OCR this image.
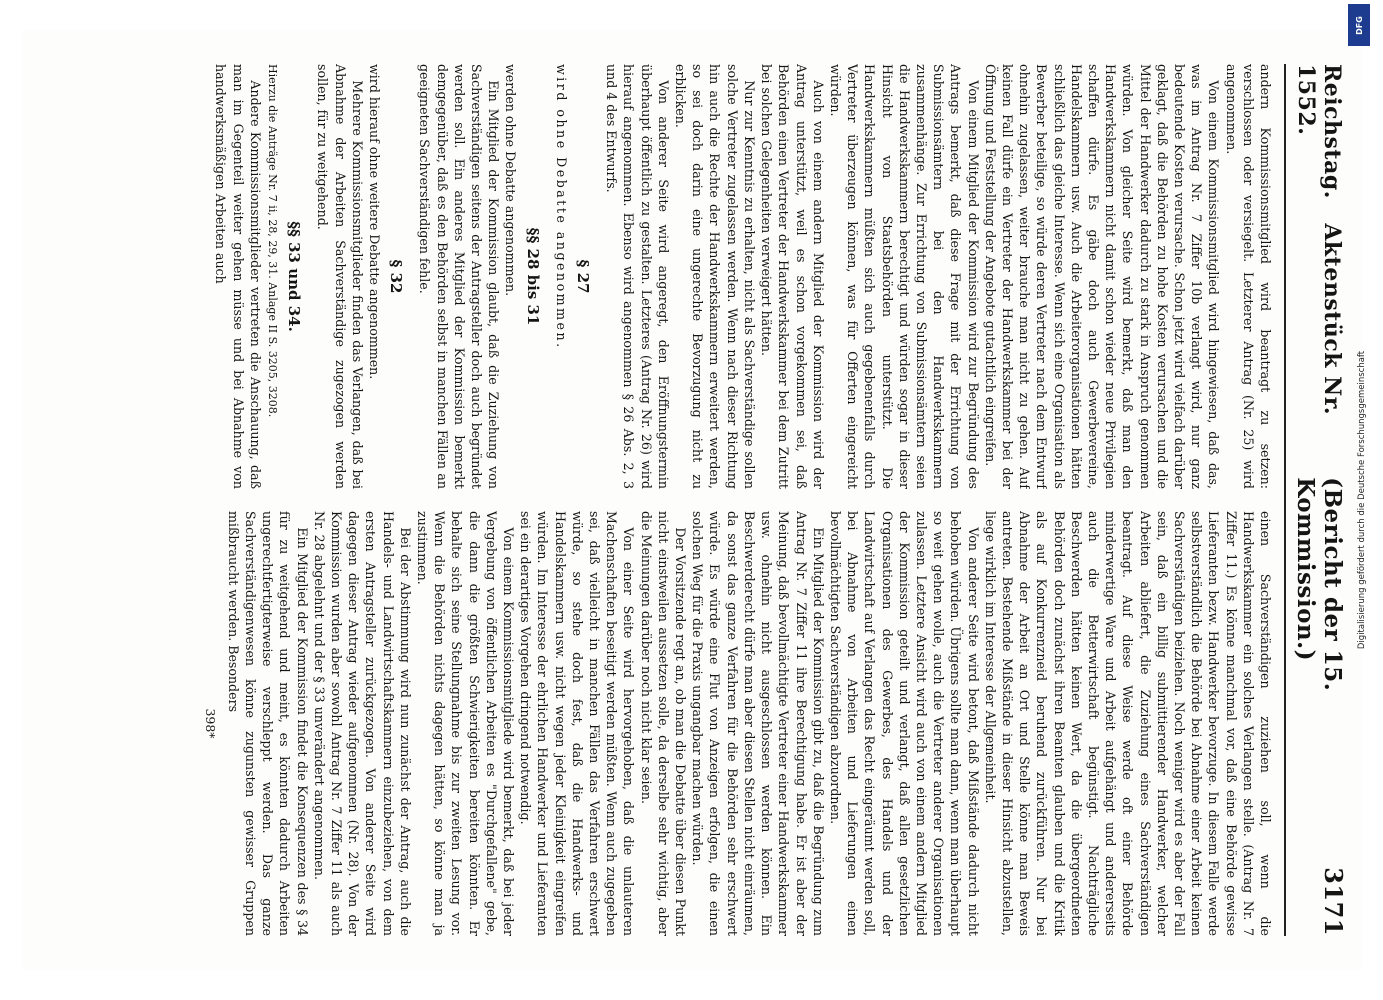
Reichstag.   Aktenstück Nr. 1552.
(Bericht der 15. Kommission.)
3171

andern Kommissionsmitglied wird beantragt zu setzen: verschlossen oder versiegelt. Letzterer Antrag (Nr. 25) wird angenommen.

Von einem Kommissionsmitglied wird hingewiesen, daß das, was im Antrag Nr. 7 Ziffer 10b verlangt wird, nur ganz bedeutende Kosten verursache. Schon jetzt wird vielfach darüber geklagt, daß die Behörden zu hohe Kosten verursachen und die Mittel der Handwerker dadurch zu stark in Anspruch genommen würden. Von gleicher Seite wird bemerkt, daß man den Handwerkskammern nicht damit schon wieder neue Privilegien schaffen dürfe. Es gäbe doch auch Gewerbevereine, Handelskammern usw. Auch die Arbeiterorganisationen hätten schließlich das gleiche Interesse. Wenn sich eine Organisation als Bewerber beteilige, so würde deren Vertreter nach dem Entwurf ohnehin zugelassen, weiter brauche man nicht zu gehen. Auf keinen Fall dürfe ein Vertreter der Handwerkskammer bei der Öffnung und Feststellung der Angebote gutachtlich eingreifen.

Von einem Mitglied der Kommission wird zur Begründung des Antrags bemerkt, daß diese Frage mit der Errichtung von Submissionsämtern bei den Handwerkskammern zusammenhänge. Zur Errichtung von Submissionsämtern seien die Handwerkskammern berechtigt und würden sogar in dieser Hinsicht von Staatsbehörden unterstützt. Die Handwerkskammern müßten sich auch gegebenenfalls durch Vertreter überzeugen können, was für Offerten eingereicht würden.

Auch von einem andern Mitglied der Kommission wird der Antrag unterstützt, weil es schon vorgekommen sei, daß Behörden einen Vertreter der Handwerkskammer bei dem Zutritt bei solchen Gelegenheiten verweigert hätten.

Nur zur Kenntnis zu erhalten, nicht als Sachverständige sollen solche Vertreter zugelassen werden. Wenn nach dieser Richtung hin auch die Rechte der Handwerkskammern erweitert werden, so sei doch darin eine ungerechte Bevorzugung nicht zu erblicken.

Von anderer Seite wird angeregt, den Eröffnungstermin überhaupt öffentlich zu gestalten. Letzteres (Antrag Nr. 26) wird hierauf angenommen. Ebenso wird angenommen § 26 Abs. 2, 3 und 4 des Entwurfs.

§ 27

wird ohne Debatte angenommen.

§§ 28 bis 31

werden ohne Debatte angenommen.

Ein Mitglied der Kommission glaubt, daß die Zuziehung von Sachverständigen seitens der Antragsteller doch auch begründet werden soll. Ein anderes Mitglied der Kommission bemerkt demgegenüber, daß es den Behörden selbst in manchen Fällen an geeigneten Sachverständigen fehle.

§ 32

wird hierauf ohne weitere Debatte angenommen.

Mehrere Kommissionsmitglieder finden das Verlangen, daß bei Abnahme der Arbeiten Sachverständige zugezogen werden sollen, für zu weitgehend.

§§ 33 und 34.

Hierzu die Anträge Nr. 7 ii, 28, 29, 31. Anlage II S. 3205, 3208.

Andere Kommissionsmitglieder vertreten die Anschauung, daß man im Gegenteil weiter gehen müsse und bei Abnahme von handwerksmäßigen Arbeiten auch

einen Sachverständigen zuziehen soll, wenn die Handwerkskammer ein solches Verlangen stelle. (Antrag Nr. 7 Ziffer 11.) Es könne manchmal vor, daß eine Behörde gewisse Lieferanten bezw. Handwerker bevorzuge. In diesem Falle werde selbstverständlich die Behörde bei Abnahme einer Arbeit keinen Sachverständigen beiziehen. Noch weniger wird es aber der Fall sein, daß ein billig submittierender Handwerker, welcher Arbeiten abliefert, die Zuziehung eines Sachverständigen beantragt. Auf diese Weise werde oft einer Behörde minderwertige Ware und Arbeit aufgehängt und andererseits auch die Betterwirtschaft begünstigt. Nachträgliche Beschwerden hätten keinen Wert, da die übergeordneten Behörden doch zunächst ihren Beamten glauben und die Kritik als auf Konkurrenzneid beruhend zurückführen. Nur bei Abnahme der Arbeit an Ort und Stelle könne man Beweis antreten. Bestehende Mißstände in dieser Hinsicht abzustellen, liege wirklich im Interesse der Allgemeinheit.

Von anderer Seite wird betont, daß Mißstände dadurch nicht behoben würden. Übrigens sollte man dann, wenn man überhaupt so weit gehen wolle, auch die Vertreter anderer Organisationen zulassen. Letztere Ansicht wird auch von einem andern Mitglied der Kommission geteilt und verlangt, daß allen gesetzlichen Organisationen des Gewerbes, des Handels und der Landwirtschaft auf Verlangen das Recht eingeräumt werden soll, bei Abnahme von Arbeiten und Lieferungen einen bevollmächtigten Sachverständigen abzuordnen.

Ein Mitglied der Kommission gibt zu, daß die Begründung zum Antrag Nr. 7 Ziffer 11 ihre Berechtigung habe. Er ist aber der Meinung, daß bevollmächtigte Vertreter einer Handwerkskammer usw. ohnehin nicht ausgeschlossen werden können. Ein Beschwerderecht dürfe man aber diesen Stellen nicht einräumen, da sonst das ganze Verfahren für die Behörden sehr erschwert würde. Es würde eine Flut von Anzeigen erfolgen, die einen solchen Weg für die Praxis ungangbar machen würden.

Der Vorsitzende regt an, ob man die Debatte über diesen Punkt nicht einstweilen aussetzen solle, da derselbe sehr wichtig, aber die Meinungen darüber noch nicht klar seien.

Von einer Seite wird hervorgehoben, daß die unlauteren Machenschaften beseitigt werden müßten. Wenn auch zugegeben sei, daß vielleicht in manchen Fällen das Verfahren erschwert würde, so stehe doch fest, daß die Handwerks- und Handelskammern usw. nicht wegen jeder Kleinigkeit eingreifen würden. Im Interesse der ehrlichen Handwerker und Lieferanten sei ein derartiges Vorgehen dringend notwendig.

Von einem Kommissionsmitgliede wird bemerkt, daß bei jeder Vergebung von öffentlichen Arbeiten es "Durchgefallene" gebe, die dann die größten Schwierigkeiten bereiten könnten. Er behalte sich seine Stellungnahme bis zur zweiten Lesung vor. Wenn die Behörden nichts dagegen hätten, so könne man ja zustimmen.

Bei der Abstimmung wird nun zunächst der Antrag, auch die Handels- und Landwirtschaftskammern einzubeziehen, von dem ersten Antragsteller zurückgezogen. Von anderer Seite wird dagegen dieser Antrag wieder aufgenommen (Nr. 28). Von der Kommission wurden aber sowohl Antrag Nr. 7 Ziffer 11 als auch Nr. 28 abgelehnt und der § 33 unverändert angenommen.

Ein Mitglied der Kommission findet die Konsequenzen des § 34 für zu weitgehend und meint, es könnten dadurch Arbeiten ungerechtfertigterweise verschleppt werden. Das ganze Sachverständigenwesen könne zugunsten gewisser Gruppen mißbraucht werden. Besonders

398*
DFG
Digitalisierung gefördert durch die Deutsche Forschungsgemeinschaft
